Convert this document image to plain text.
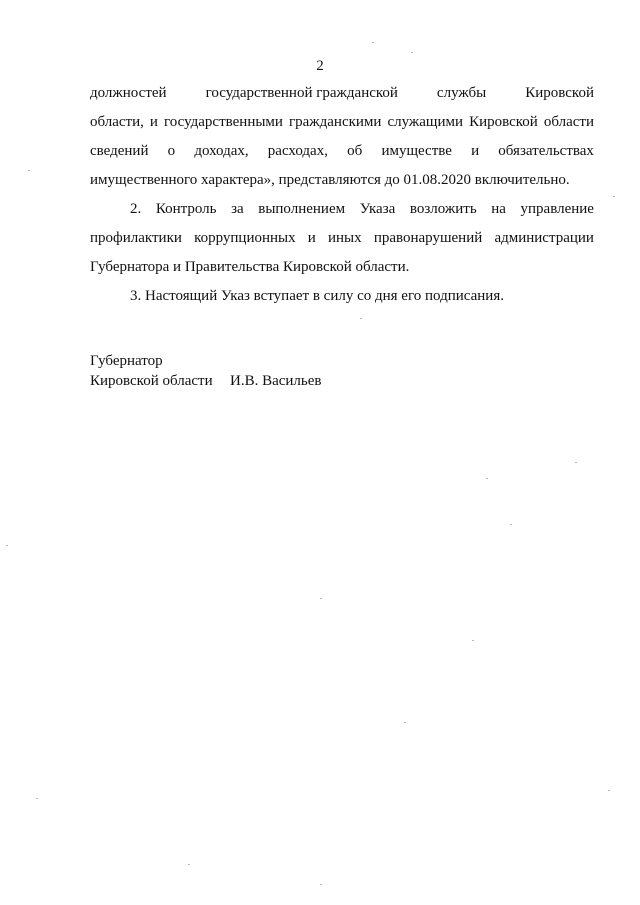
2
должностей	государственной гражданской	службы	Кировской
области, и государственными гражданскими служащими Кировской области
сведений о доходах, расходах, об имуществе и обязательствах
имущественного характера», представляются до 01.08.2020 включительно.
2. Контроль за выполнением Указа возложить на управление
профилактики коррупционных и иных правонарушений администрации
Губернатора и Правительства Кировской области.
3. Настоящий Указ вступает в силу со дня его подписания.
Губернатор
Кировской области И.В. Васильев
